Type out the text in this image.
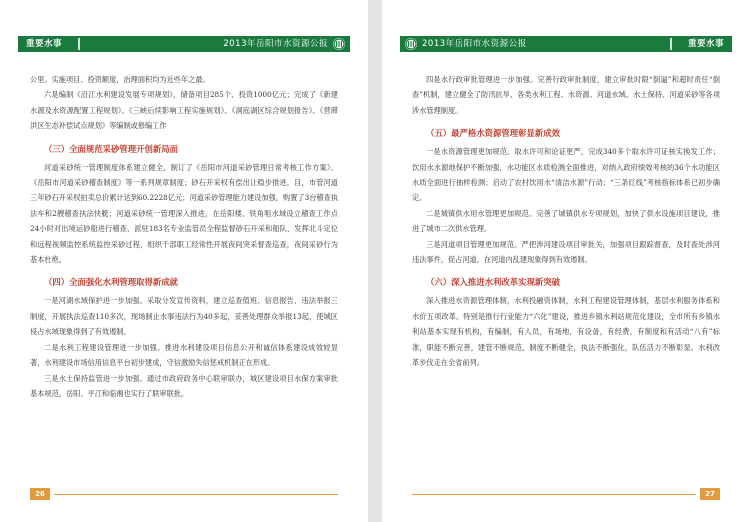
重要水事	2013年岳阳市水资源公报

公里。实施项目、投资额度，治理面积均为近些年之最。

六是编制《沿江水利建设发展专项规划》，储备项目285个、投资1000亿元；完成了《新建水源及水资源配置工程规划》、《三峡后续影响工程实施规划》、《洞庭湖区综合规划报告》、《营滞洪区生态补偿试点规划》等编制或修编工作

（三）全面规范采砂管理开创新局面

河道采砂统一管理制度体系建立健全，制订了《岳阳市河道采砂管理日常考核工作方案》、《岳阳市河道采砂稽查制度》等一系列规章制度；砂石开采权有偿出让稳步推进，目，市管河道三年砂石开采权拍卖总价累计达到60.2228亿元；河道采砂管理能力建设加强，购置了3台稽查执法车和2艘稽查执法快艇；河道采砂统一管理深入推进，在岳阳楼、铁角咀水域设立稽查工作点24小时对出境运砂船进行稽查，派驻183名专业监管员全程监督砂石开采和船队，发挥北斗定位和远程视频监控系统监控采砂过程，组织干部职工经常性开展夜间突采督查巡查，夜间采砂行为基本杜绝。

（四）全面强化水利管理取得新成就

一是河湖水域保护进一步加强。采取分发宣传资料，建立巡查值班、信息报告、违法举报三制度，开展执法巡查110多次，现场制止水事违法行为40多起，妥善处理群众举报13起，使城区侵占水域现象得到了有效遏制。

二是水利工程建设管理进一步加强。推进水利建设项目信息公开和诚信体系建设成效较显著，水利建设市场信用信息平台初步建成，守信激励失信惩戒机制正在形成。

三是水土保持监管进一步加强。通过市政府政务中心联审联办，城区建设项目水保方案审批基本规范，岳阳、平江和临湘也实行了联审联批。

26
2013年岳阳市水资源公报	重要水事

四是水行政审批管理进一步加强。完善行政审批制度，建立审批时限“倒逼”和超时责任“倒查”机制，建立健全了防汛抗旱、各类水利工程、水资源、河道水域、水土保持、河道采砂等各项涉水管理制度。

（五）最严格水资源管理彰显新成效

一是水资源管理更加规范。取水许可和论证更严，完成340多个取水许可证核实换发工作；饮用水水源地保护不断加强，水功能区水质检测全面推进，对纳入政府绩效考核的36个水功能区水质全面进行抽样检测；启动了农村饮用水“清洁水源”行动；“三条红线”考核指标体系已初步确定。

二是城镇供水用水管理更加规范。完善了城镇供水专项规划，加快了供水设施项目建设，推进了城市二次供水管理。

三是河道项目管理更加规范。严把涉河建设项目审批关，加强项目跟踪督查，及时查处涉河违法事件，促占河道，在河道内乱建现象得到有效遏制。

（六）深入推进水利改革实现新突破

深入推进水资源管理体制，水利投融资体制，水利工程建设管理体制，基层水利服务体系和水价五项改革。特别是推行行业能力“六化”建设，推进乡镇水利站规范化建设，全市所有乡镇水利站基本实现有机构，有编制，有人员，有场地，有设备，有经费，有制度和有活动“八有”标准，职能不断完善，建管不断规范，制度不断健全，执法不断强化，队伍活力不断彰显。水利改革步伐走在全省前列。

27
